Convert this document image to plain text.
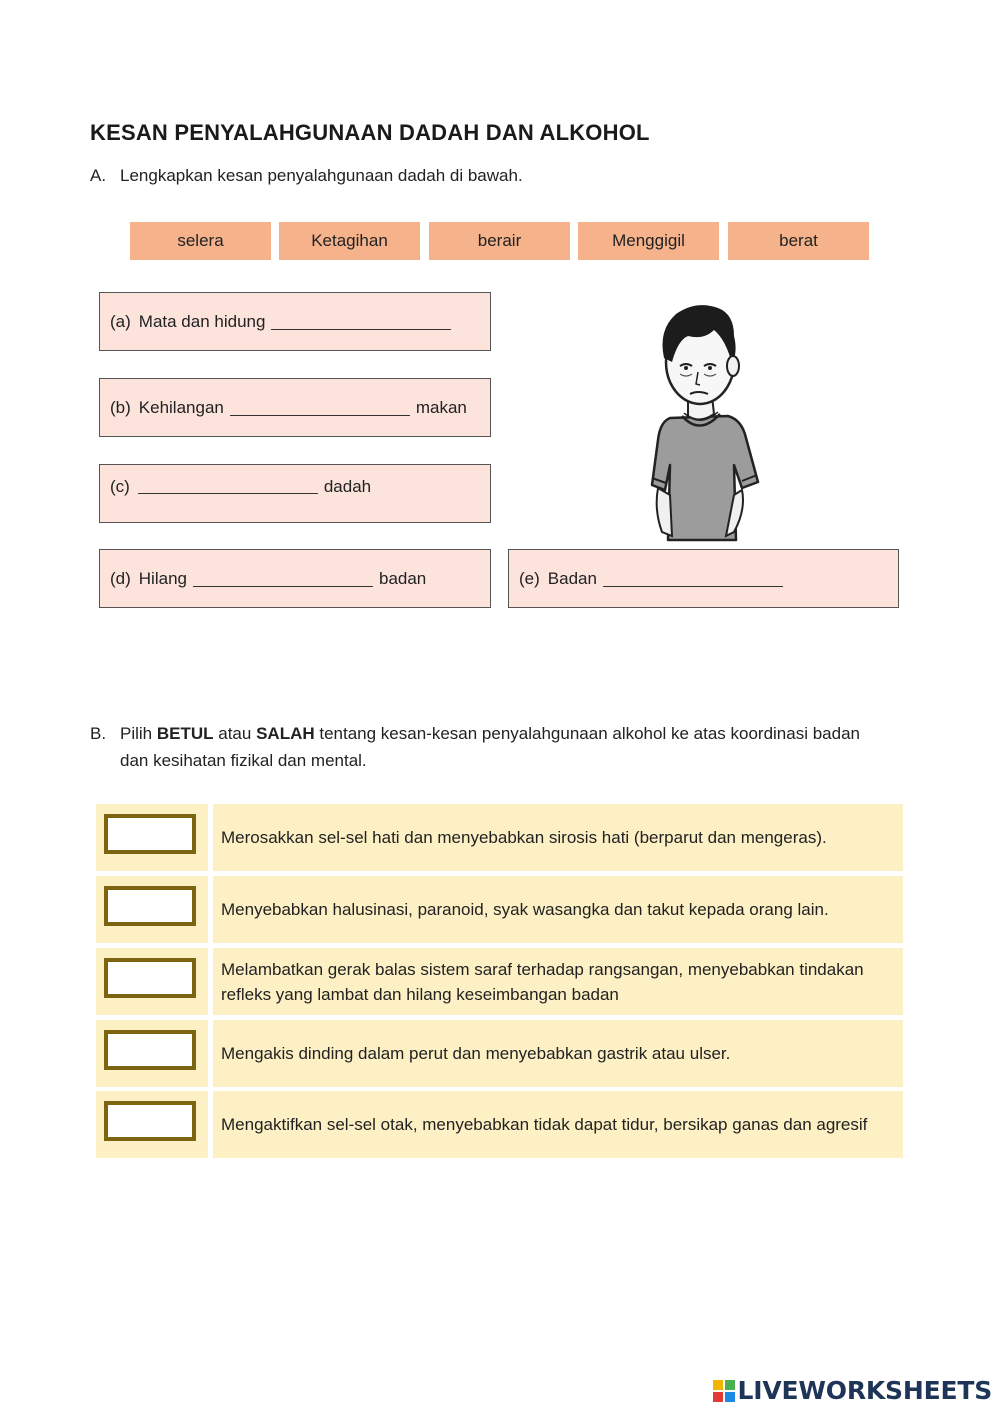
KESAN PENYALAHGUNAAN DADAH DAN ALKOHOL
A. Lengkapkan kesan penyalahgunaan dadah di bawah.
selera	Ketagihan	berair	Menggigil	berat
(a) Mata dan hidung
(b) Kehilangan	makan
(c)	dadah
(d) Hilang	badan	(e) Badan
B. Pilih BETUL atau SALAH tentang kesan-kesan penyalahgunaan alkohol ke atas koordinasi badan
dan kesihatan fizikal dan mental.
Merosakkan sel-sel hati dan menyebabkan sirosis hati (berparut dan mengeras).
Menyebabkan halusinasi, paranoid, syak wasangka dan takut kepada orang lain.
Melambatkan gerak balas sistem saraf terhadap rangsangan, menyebabkan tindakan refleks yang lambat dan hilang keseimbangan badan
Mengakis dinding dalam perut dan menyebabkan gastrik atau ulser.
Mengaktifkan sel-sel otak, menyebabkan tidak dapat tidur, bersikap ganas dan agresif
LIVEWORKSHEETS
